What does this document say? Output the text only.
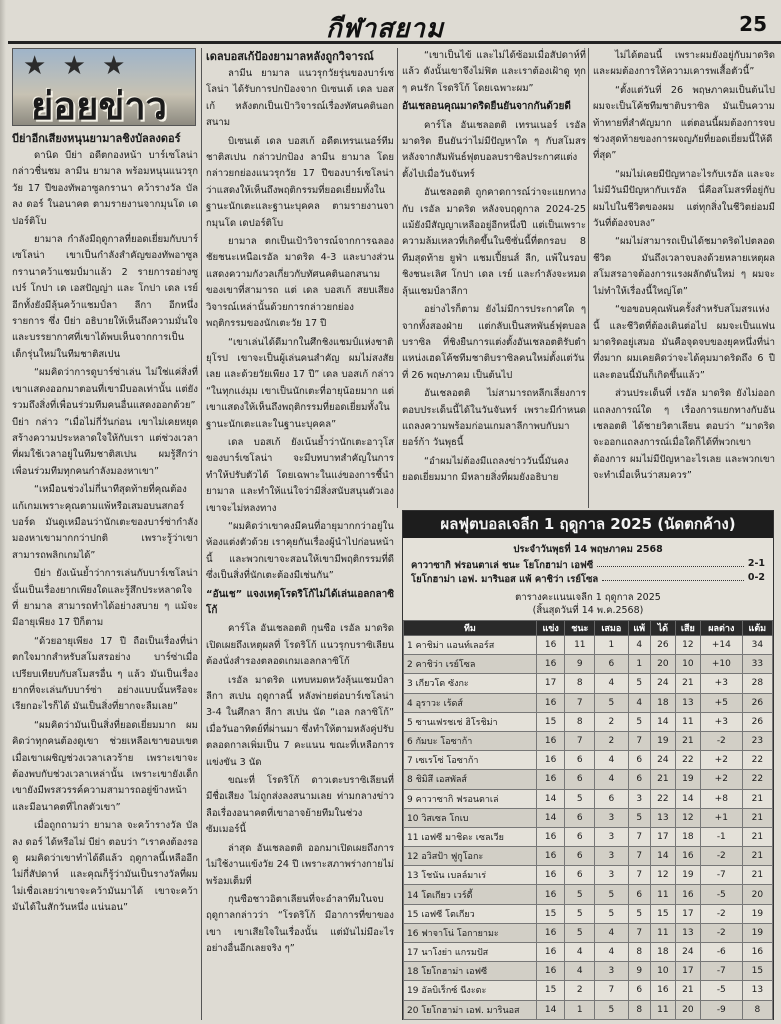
กีฬาสยาม	25
★ ★ ★
ย่อยข่าว
บีย่าอีกเสียงหนุนยามาลชิงบัลลงดอร์

ดานิด บีย่า อดีตกองหน้า บาร์เซโลน่า กล่าวชื่นชม ลามีน ยามาล พร้อมหนุนแนวรุกวัย 17 ปีของทัพอาซูลกรานา คว้ารางวัล บัลลง ดอร์ ในอนาคต ตามรายงานจากมุนโด เดปอร์ติโบ

ยามาล กำลังมีฤดูกาลที่ยอดเยี่ยมกับบาร์เซโลน่า เขาเป็นกำลังสำคัญของทัพอาซูลกรานาคว้าแชมป์มาแล้ว 2 รายการอย่างซูเปร์ โกปา เด เอสปัญญ่า และ โกปา เดล เรย์ อีกทั้งยังมีลุ้นคว้าแชมป์ลา ลีกา อีกหนึ่งรายการ ซึ่ง บีย่า อธิบายให้เห็นถึงความมั่นใจและบรรยากาศที่เขาได้พบเห็นจากการเป็นเด็กรุ่นใหม่ในทีมชาติสเปน

“ผมคิดว่าการดูบาร์ซ่าเล่น ไม่ใช่แค่สิ่งที่เขาแสดงออกมาตอนที่เขามีบอลเท่านั้น แต่ยังรวมถึงสิ่งที่เพื่อนร่วมทีมคนอื่นแสดงออกด้วย” บีย่า กล่าว “เมื่อไม่กี่วันก่อน เขาไม่เคยหยุดสร้างความประหลาดใจให้กับเรา แต่ช่วงเวลาที่ผมใช้เวลาอยู่ในทีมชาติสเปน ผมรู้สึกว่าเพื่อนร่วมทีมทุกคนกำลังมองหาเขา”

“เหมือนช่วงไม่กี่นาทีสุดท้ายที่คุณต้องแก้เกมเพราะคุณตามแพ้หรือเสมอบนสกอร์บอร์ด มันดูเหมือนว่านักเตะของบาร์ซ่ากำลังมองหาเขามากกว่าปกติ เพราะรู้ว่าเขาสามารถพลิกเกมได้”

บีย่า ยังเน้นย้ำว่าการเล่นกับบาร์เซโลน่านั้นเป็นเรื่องยากเพียงใดและรู้สึกประหลาดใจที่ ยามาล สามารถทำได้อย่างสบาย ๆ แม้จะมีอายุเพียง 17 ปีก็ตาม

“ด้วยอายุเพียง 17 ปี ถือเป็นเรื่องที่น่าตกใจมากสำหรับสโมสรอย่าง บาร์ซ่าเมื่อเปรียบเทียบกับสโมสรอื่น ๆ แล้ว มันเป็นเรื่องยากที่จะเล่นกับบาร์ซ่า อย่างแบบนั้นหรือจะเรียกอะไรก็ได้ มันเป็นสิ่งที่ยากจะลืมเลย”

“ผมคิดว่ามันเป็นสิ่งที่ยอดเยี่ยมมาก ผมคิดว่าทุกคนต้องดูเขา ช่วยเหลือเขาขอบเขตเมื่อเขาเผชิญช่วงเวลาเลวร้าย เพราะเขาจะต้องพบกับช่วงเวลาเหล่านั้น เพราะเขายังเด็ก เขายังมีพรสวรรค์ความสามารถอยู่ข้างหน้าและมีอนาคตที่ไกลตัวเขา”

เมื่อถูกถามว่า ยามาล จะคว้ารางวัล บัลลง ดอร์ ได้หรือไม่ บีย่า ตอบว่า “เราคงต้องรอดู ผมคิดว่าเขาทำได้ดีแล้ว ฤดูกาลนี้เหลืออีกไม่กี่สัปดาห์ และคุณก็รู้ว่ามันเป็นรางวัลที่ผมไม่เชื่อเลยว่าเขาจะคว้ามันมาได้ เขาจะคว้ามันได้ในสักวันหนึ่ง แน่นอน”

เดลบอสเก้ป้องยามาลหลังถูกวิจารณ์

ลามีน ยามาล แนวรุกวัยรุ่นของบาร์เซโลน่า ได้รับการปกป้องจาก บิเซนเต้ เดล บอสเก้ หลังตกเป็นเป้าวิจารณ์เรื่องทัศนคตินอกสนาม

บิเซนเต้ เดล บอสเก้ อดีตเทรนเนอร์ทีมชาติสเปน กล่าวปกป้อง ลามีน ยามาล โดยกล่าวยกย่องแนวรุกวัย 17 ปีของบาร์เซโลน่าว่าแสดงให้เห็นถึงพฤติกรรมที่ยอดเยี่ยมทั้งในฐานะนักเตะและฐานะบุคคล ตามรายงานจากมุนโด เดปอร์ติโบ

ยามาล ตกเป็นเป้าวิจารณ์จากการฉลองชัยชนะเหนือเรอัล มาดริด 4-3 และบางส่วนแสดงความกังวลเกี่ยวกับทัศนคตินอกสนามของเขาที่สามารถ แต่ เดล บอสเก้ สยบเสียงวิจารณ์เหล่านั้นด้วยการกล่าวยกย่องพฤติกรรมของนักเตะวัย 17 ปี

“เขาเล่นได้ดีมากในศึกชิงแชมป์แห่งชาติยุโรป เขาจะเป็นผู้เล่นคนสำคัญ ผมไม่สงสัยเลย และด้วยวัยเพียง 17 ปี” เดล บอสเก้ กล่าว “ในทุกแง่มุม เขาเป็นนักเตะที่อายุน้อยมาก แต่เขาแสดงให้เห็นถึงพฤติกรรมที่ยอดเยี่ยมทั้งในฐานะนักเตะและในฐานะบุคคล”

เดล บอสเก้ ยังเน้นย้ำว่านักเตะอาวุโสของบาร์เซโลน่า จะมีบทบาทสำคัญในการทำให้ปรับตัวได้ โดยเฉพาะในแง่ของการชี้นำยามาล และทำให้แน่ใจว่ามีสิ่งสนับสนุนตัวเองเขาจะไม่หลงทาง

“ผมคิดว่าเขาคงมีคนที่อายุมากกว่าอยู่ในห้องแต่งตัวด้วย เราคุยกันเรื่องผู้นำไปก่อนหน้านี้ และพวกเขาจะสอนให้เขามีพฤติกรรมที่ดี ซึ่งเป็นสิ่งที่นักเตะต้องมีเช่นกัน”

“อันเช” แจงเหตุโรดริโก้ไม่ได้เล่นเอลกลาซิโก้

คาร์โล อันเชลอตติ กุนซือ เรอัล มาดริด เปิดเผยถึงเหตุผลที่ โรดริโก้ แนวรุกบราซิเลียน ต้องนั่งสำรองตลอดเกมเอลกลาซิโก้

เรอัล มาดริด แทบหมดหวังลุ้นแชมป์ลา ลีกา สเปน ฤดูกาลนี้ หลังพ่ายต่อบาร์เซโลน่า 3-4 ในศึกลา ลีกา สเปน นัด “เอล กลาซิโก้” เมื่อวันอาทิตย์ที่ผ่านมา ซึ่งทำให้ตามหลังคู่ปรับตลอดกาลเพิ่มเป็น 7 คะแนน ขณะที่เหลือการแข่งขัน 3 นัด

ขณะที่ โรดริโก้ ดาวเตะบราซิเลียนที่มีชื่อเสียง ไม่ถูกส่งลงสนามเลย ท่ามกลางข่าวลือเรื่องอนาคตที่เขาอาจย้ายทีมในช่วงซัมเมอร์นี้

ล่าสุด อันเชลอตติ ออกมาเปิดเผยถึงการไม่ใช้งานแข้งวัย 24 ปี เพราะสภาพร่างกายไม่พร้อมเต็มที่

กุนซือชาวอิตาเลียนที่จะอำลาทีมในจบฤดูกาลกล่าวว่า “โรดริโก้ มีอาการที่ขาของเขา เขาเสียใจในเรื่องนั้น แต่มันไม่มีอะไรอย่างอื่นอีกเลยจริง ๆ”

“เขาเป็นไข้ และไม่ได้ซ้อมเมื่อสัปดาห์ที่แล้ว ดังนั้นเขาจึงไม่ฟิต และเราต้องเฝ้าดู ทุก ๆ คนรัก โรดริโก้ โดยเฉพาะผม”

อันเชลอนคุณมาดริดยืนยันจากกันด้วยดี

คาร์โล อันเชลอตติ เทรนเนอร์ เรอัล มาดริด ยืนยันว่าไม่มีปัญหาใด ๆ กับสโมสรหลังจากสัมพันธ์ฟุตบอลบราซิลประกาศแต่งตั้งไปเมื่อวันจันทร์

อันเชลอตติ ถูกคาดการณ์ว่าจะแยกทางกับ เรอัล มาดริด หลังจบฤดูกาล 2024-25 แม้ยังมีสัญญาเหลืออยู่อีกหนึ่งปี แต่เป็นเพราะความล้มเหลวที่เกิดขึ้นในซีซั่นนี้ที่ตกรอบ 8 ทีมสุดท้าย ยูฟ่า แชมเปี้ยนส์ ลีก, แพ้ในรอบชิงชนะเลิศ โกปา เดล เรย์ และกำลังจะหมดลุ้นแชมป์ลาลีกา

อย่างไรก็ตาม ยังไม่มีการประกาศใด ๆ จากทั้งสองฝ่าย แต่กลับเป็นสหพันธ์ฟุตบอลบราซิล ที่ชิงยืนการแต่งตั้งอันเชลอตติรับตำแหน่งเฮดโค้ชทีมชาติบราซิลคนใหม่ตั้งแต่วันที่ 26 พฤษภาคม เป็นต้นไป

อันเชลอตติ ไม่สามารถหลีกเลี่ยงการตอบประเด็นนี้ได้ในวันจันทร์ เพราะมีกำหนดแถลงความพร้อมก่อนเกมลาลีกาพบกับมายอร์ก้า วันพุธนี้

“อำผมไม่ต้องมีแถลงข่าววันนี้มันคงยอดเยี่ยมมาก มีหลายสิ่งที่ผมยังอธิบาย

ไม่ได้ตอนนี้ เพราะผมยังอยู่กับมาดริด และผมต้องการให้ความเคารพเสื้อตัวนี้”

“ตั้งแต่วันที่ 26 พฤษภาคมเป็นต้นไป ผมจะเป็นโค้ชทีมชาติบราซิล มันเป็นความท้าทายที่สำคัญมาก แต่ตอนนี้ผมต้องการจบช่วงสุดท้ายของการผจญภัยที่ยอดเยี่ยมนี้ให้ดีที่สุด”

“ผมไม่เคยมีปัญหาอะไรกับเรอัล และจะไม่มีวันมีปัญหากับเรอัล นี่คือสโมสรที่อยู่กับผมไปในชีวิตของผม แต่ทุกสิ่งในชีวิตย่อมมีวันที่ต้องจบลง”

“ผมไม่สามารถเป็นได้ชมาดริดไปตลอดชีวิต มันถึงเวลาจบลงด้วยหลายเหตุผล สโมสรอาจต้องการแรงผลักดันใหม่ ๆ ผมจะไม่ทำให้เรื่องนี้ใหญ่โต”

“ขอขอบคุณพันครั้งสำหรับสโมสรแห่งนี้ และชีวิตที่ต้องเดินต่อไป ผมจะเป็นแฟนมาดริดอยู่เสมอ มันคือจุดจบของยุคหนึ่งที่น่าทึ่งมาก ผมเคยคิดว่าจะได้คุมมาดริดถึง 6 ปี และตอนนี้มันก็เกิดขึ้นแล้ว”

ส่วนประเด็นที่ เรอัล มาดริด ยังไม่ออกแถลงการณ์ใด ๆ เรื่องการแยกทางกับอันเชลอตติ ได้ชายวิตาเลียน ตอบว่า “มาดริดจะออกแถลงการณ์เมื่อใดก็ได้ที่พวกเขาต้องการ ผมไม่มีปัญหาอะไรเลย และพวกเขาจะทำเมื่อเห็นว่าสมควร”

ผลฟุตบอลเจลีก 1 ฤดูกาล 2025 (นัดตกค้าง)
ประจำวันพุธที่ 14 พฤษภาคม 2568
คาวาซากิ ฟรอนตาเล่ ชนะ โยโกฮาม่า เอฟซี	2-1
โยโกฮาม่า เอฟ. มารินอส แพ้ คาชิว่า เรย์โซล	0-2
ตารางคะแนนเจลีก 1 ฤดูกาล 2025
(สิ้นสุดวันที่ 14 พ.ค.2568)
ทีม	แข่ง	ชนะ	เสมอ	แพ้	ได้	เสีย	ผลต่าง	แต้ม
1 คาชิม่า แอนท์เลอร์ส	16	11	1	4	26	12	+14	34
2 คาชิว่า เรย์โซล	16	9	6	1	20	10	+10	33
3 เกียวโต ซังกะ	17	8	4	5	24	21	+3	28
4 อุราวะ เร้ดส์	16	7	5	4	18	13	+5	26
5 ซานเฟรชเช่ ฮิโรชิม่า	15	8	2	5	14	11	+3	26
6 กัมบะ โอซาก้า	16	7	2	7	19	21	-2	23
7 เซเรโซ่ โอซาก้า	16	6	4	6	24	22	+2	22
8 ชิมิสึ เอสพัลส์	16	6	4	6	21	19	+2	22
9 คาวาซากิ ฟรอนตาเล่	14	5	6	3	22	14	+8	21
10 วิสเซล โกเบ	14	6	3	5	13	12	+1	21
11 เอฟซี มาชิดะ เซลเวีย	16	6	3	7	17	18	-1	21
12 อวิสป้า ฟูกูโอกะ	16	6	3	7	14	16	-2	21
13 โชนัน เบลล์มาเร่	16	6	3	7	12	19	-7	21
14 โตเกียว เวร์ดี้	16	5	5	6	11	16	-5	20
15 เอฟซี โตเกียว	15	5	5	5	15	17	-2	19
16 ฟาจาโน่ โอกายามะ	16	5	4	7	11	13	-2	19
17 นาโงย่า แกรมปัส	16	4	4	8	18	24	-6	16
18 โยโกฮาม่า เอฟซี	16	4	3	9	10	17	-7	15
19 อัลบิเร็กซ์ นีงะตะ	15	2	7	6	16	21	-5	13
20 โยโกฮาม่า เอฟ. มารินอส	14	1	5	8	11	20	-9	8
